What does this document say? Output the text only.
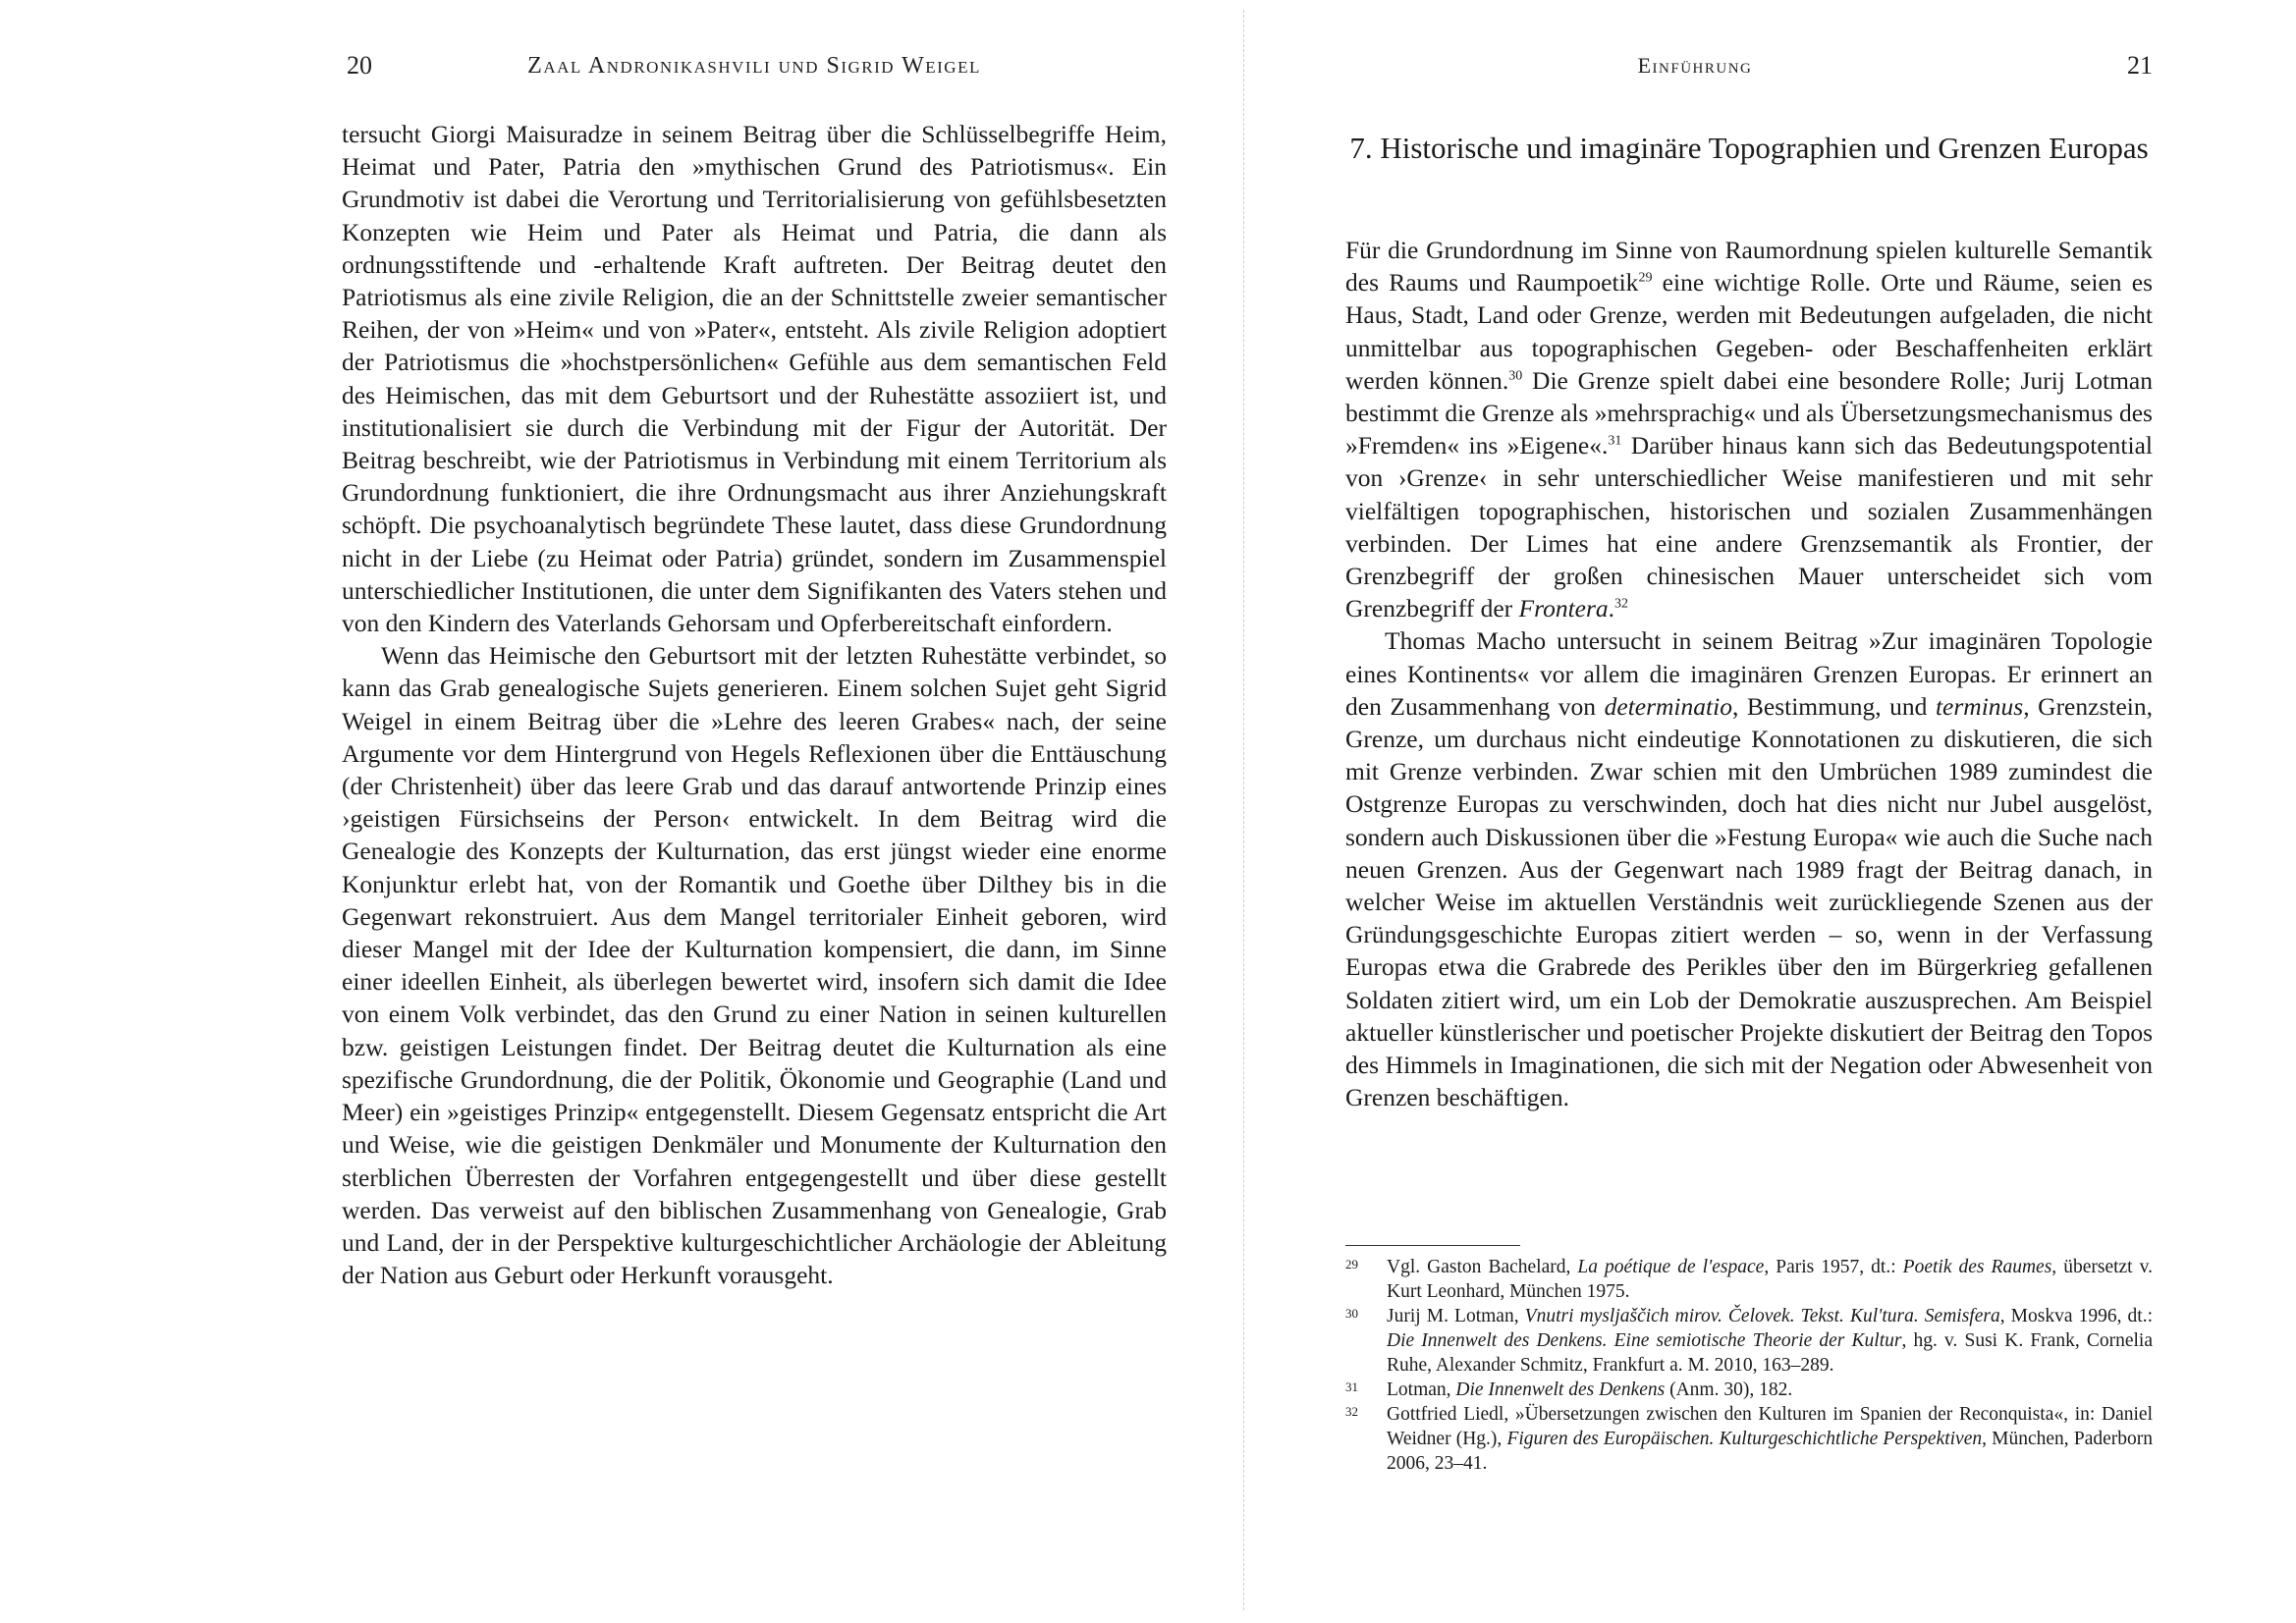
20	Zaal Andronikashvili und Sigrid Weigel

tersucht Giorgi Maisuradze in seinem Beitrag über die Schlüsselbegriffe Heim, Heimat und Pater, Patria den »mythischen Grund des Patriotismus«. Ein Grundmotiv ist dabei die Verortung und Territorialisierung von gefühlsbesetzten Konzepten wie Heim und Pater als Heimat und Patria, die dann als ordnungsstiftende und -erhaltende Kraft auftreten. Der Beitrag deutet den Patriotismus als eine zivile Religion, die an der Schnittstelle zweier semantischer Reihen, der von »Heim« und von »Pater«, entsteht. Als zivile Religion adoptiert der Patriotismus die »hochstpersönlichen« Gefühle aus dem semantischen Feld des Heimischen, das mit dem Geburtsort und der Ruhestätte assoziiert ist, und institutionalisiert sie durch die Verbindung mit der Figur der Autorität. Der Beitrag beschreibt, wie der Patriotismus in Verbindung mit einem Territorium als Grundordnung funktioniert, die ihre Ordnungsmacht aus ihrer Anziehungskraft schöpft. Die psychoanalytisch begründete These lautet, dass diese Grundordnung nicht in der Liebe (zu Heimat oder Patria) gründet, sondern im Zusammenspiel unterschiedlicher Institutionen, die unter dem Signifikanten des Vaters stehen und von den Kindern des Vaterlands Gehorsam und Opferbereitschaft einfordern.

Wenn das Heimische den Geburtsort mit der letzten Ruhestätte verbindet, so kann das Grab genealogische Sujets generieren. Einem solchen Sujet geht Sigrid Weigel in einem Beitrag über die »Lehre des leeren Grabes« nach, der seine Argumente vor dem Hintergrund von Hegels Reflexionen über die Enttäuschung (der Christenheit) über das leere Grab und das darauf antwortende Prinzip eines ›geistigen Fürsichseins der Person‹ entwickelt. In dem Beitrag wird die Genealogie des Konzepts der Kulturnation, das erst jüngst wieder eine enorme Konjunktur erlebt hat, von der Romantik und Goethe über Dilthey bis in die Gegenwart rekonstruiert. Aus dem Mangel territorialer Einheit geboren, wird dieser Mangel mit der Idee der Kulturnation kompensiert, die dann, im Sinne einer ideellen Einheit, als überlegen bewertet wird, insofern sich damit die Idee von einem Volk verbindet, das den Grund zu einer Nation in seinen kulturellen bzw. geistigen Leistungen findet. Der Beitrag deutet die Kulturnation als eine spezifische Grundordnung, die der Politik, Ökonomie und Geographie (Land und Meer) ein »geistiges Prinzip« entgegenstellt. Diesem Gegensatz entspricht die Art und Weise, wie die geistigen Denkmäler und Monumente der Kulturnation den sterblichen Überresten der Vorfahren entgegengestellt und über diese gestellt werden. Das verweist auf den biblischen Zusammenhang von Genealogie, Grab und Land, der in der Perspektive kulturgeschichtlicher Archäologie der Ableitung der Nation aus Geburt oder Herkunft vorausgeht.

Einführung	21
7. Historische und imaginäre Topographien und Grenzen Europas

Für die Grundordnung im Sinne von Raumordnung spielen kulturelle Semantik des Raums und Raumpoetik$^{29}$ eine wichtige Rolle. Orte und Räume, seien es Haus, Stadt, Land oder Grenze, werden mit Bedeutungen aufgeladen, die nicht unmittelbar aus topographischen Gegeben- oder Beschaffenheiten erklärt werden können.$^{30}$ Die Grenze spielt dabei eine besondere Rolle; Jurij Lotman bestimmt die Grenze als »mehrsprachig« und als Übersetzungsmechanismus des »Fremden« ins »Eigene«.$^{31}$ Darüber hinaus kann sich das Bedeutungspotential von ›Grenze‹ in sehr unterschiedlicher Weise manifestieren und mit sehr vielfältigen topographischen, historischen und sozialen Zusammenhängen verbinden. Der Limes hat eine andere Grenzsemantik als Frontier, der Grenzbegriff der großen chinesischen Mauer unterscheidet sich vom Grenzbegriff der Frontera.$^{32}$

Thomas Macho untersucht in seinem Beitrag »Zur imaginären Topologie eines Kontinents« vor allem die imaginären Grenzen Europas. Er erinnert an den Zusammenhang von determinatio, Bestimmung, und terminus, Grenzstein, Grenze, um durchaus nicht eindeutige Konnotationen zu diskutieren, die sich mit Grenze verbinden. Zwar schien mit den Umbrüchen 1989 zumindest die Ostgrenze Europas zu verschwinden, doch hat dies nicht nur Jubel ausgelöst, sondern auch Diskussionen über die »Festung Europa« wie auch die Suche nach neuen Grenzen. Aus der Gegenwart nach 1989 fragt der Beitrag danach, in welcher Weise im aktuellen Verständnis weit zurückliegende Szenen aus der Gründungsgeschichte Europas zitiert werden – so, wenn in der Verfassung Europas etwa die Grabrede des Perikles über den im Bürgerkrieg gefallenen Soldaten zitiert wird, um ein Lob der Demokratie auszusprechen. Am Beispiel aktueller künstlerischer und poetischer Projekte diskutiert der Beitrag den Topos des Himmels in Imaginationen, die sich mit der Negation oder Abwesenheit von Grenzen beschäftigen.

29 Vgl. Gaston Bachelard, La poétique de l'espace, Paris 1957, dt.: Poetik des Raumes, übersetzt v. Kurt Leonhard, München 1975.

30 Jurij M. Lotman, Vnutri mysljaščich mirov. Čelovek. Tekst. Kul'tura. Semisfera, Moskva 1996, dt.: Die Innenwelt des Denkens. Eine semiotische Theorie der Kultur, hg. v. Susi K. Frank, Cornelia Ruhe, Alexander Schmitz, Frankfurt a. M. 2010, 163–289.

31 Lotman, Die Innenwelt des Denkens (Anm. 30), 182.

32 Gottfried Liedl, »Übersetzungen zwischen den Kulturen im Spanien der Reconquista«, in: Daniel Weidner (Hg.), Figuren des Europäischen. Kulturgeschichtliche Perspektiven, München, Paderborn 2006, 23–41.
